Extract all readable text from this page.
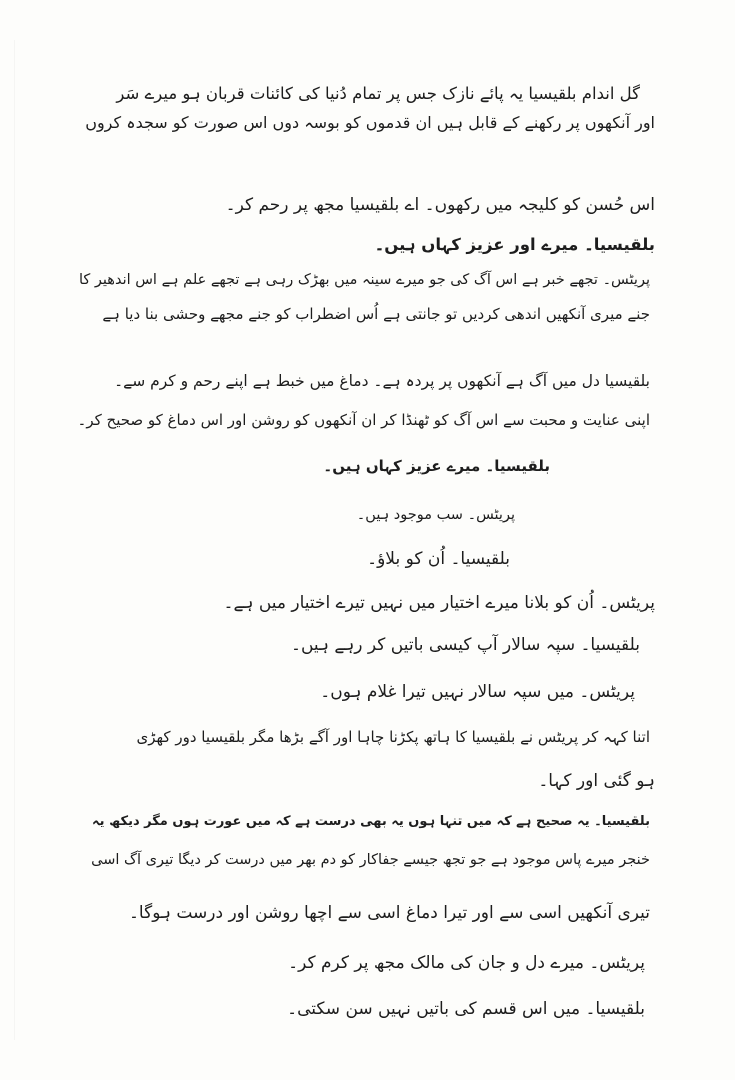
گل اندام بلقیسیا یہ پائے نازک جس پر تمام دُنیا کی کائنات قربان ہو میرے سَر
اور آنکھوں پر رکھنے کے قابل ہیں ان قدموں کو بوسہ دوں اس صورت کو سجدہ کروں
اس حُسن کو کلیجہ میں رکھوں۔ اے بلقیسیا مجھ پر رحم کر۔
بلقیسیا۔ میرے اور عزیز کہاں ہیں۔
پریٹس۔ تجھے خبر ہے اس آگ کی جو میرے سینہ میں بھڑک رہی ہے تجھے علم ہے اس اندھیر کا
جنے میری آنکھیں اندھی کردیں تو جانتی ہے اُس اضطراب کو جنے مجھے وحشی بنا دیا ہے
بلقیسیا دل میں آگ ہے آنکھوں پر پردہ ہے۔ دماغ میں خبط ہے اپنے رحم و کرم سے۔
اپنی عنایت و محبت سے اس آگ کو ٹھنڈا کر ان آنکھوں کو روشن اور اس دماغ کو صحیح کر۔
بلقیسیا۔ میرے عزیز کہاں ہیں۔
پریٹس۔ سب موجود ہیں۔
بلقیسیا۔ اُن کو بلاؤ۔
پریٹس۔ اُن کو بلانا میرے اختیار میں نہیں تیرے اختیار میں ہے۔
بلقیسیا۔ سپہ سالار آپ کیسی باتیں کر رہے ہیں۔
پریٹس۔ میں سپہ سالار نہیں تیرا غلام ہوں۔
اتنا کہہ کر پریٹس نے بلقیسیا کا ہاتھ پکڑنا چاہا اور آگے بڑھا مگر بلقیسیا دور کھڑی
ہو گئی اور کہا۔
بلقیسیا۔ یہ صحیح ہے کہ میں تنہا ہوں یہ بھی درست ہے کہ میں عورت ہوں مگر دیکھ یہ
خنجر میرے پاس موجود ہے جو تجھ جیسے جفاکار کو دم بھر میں درست کر دیگا تیری آگ اسی
تیری آنکھیں اسی سے اور تیرا دماغ اسی سے اچھا روشن اور درست ہوگا۔
پریٹس۔ میرے دل و جان کی مالک مجھ پر کرم کر۔
بلقیسیا۔ میں اس قسم کی باتیں نہیں سن سکتی۔
